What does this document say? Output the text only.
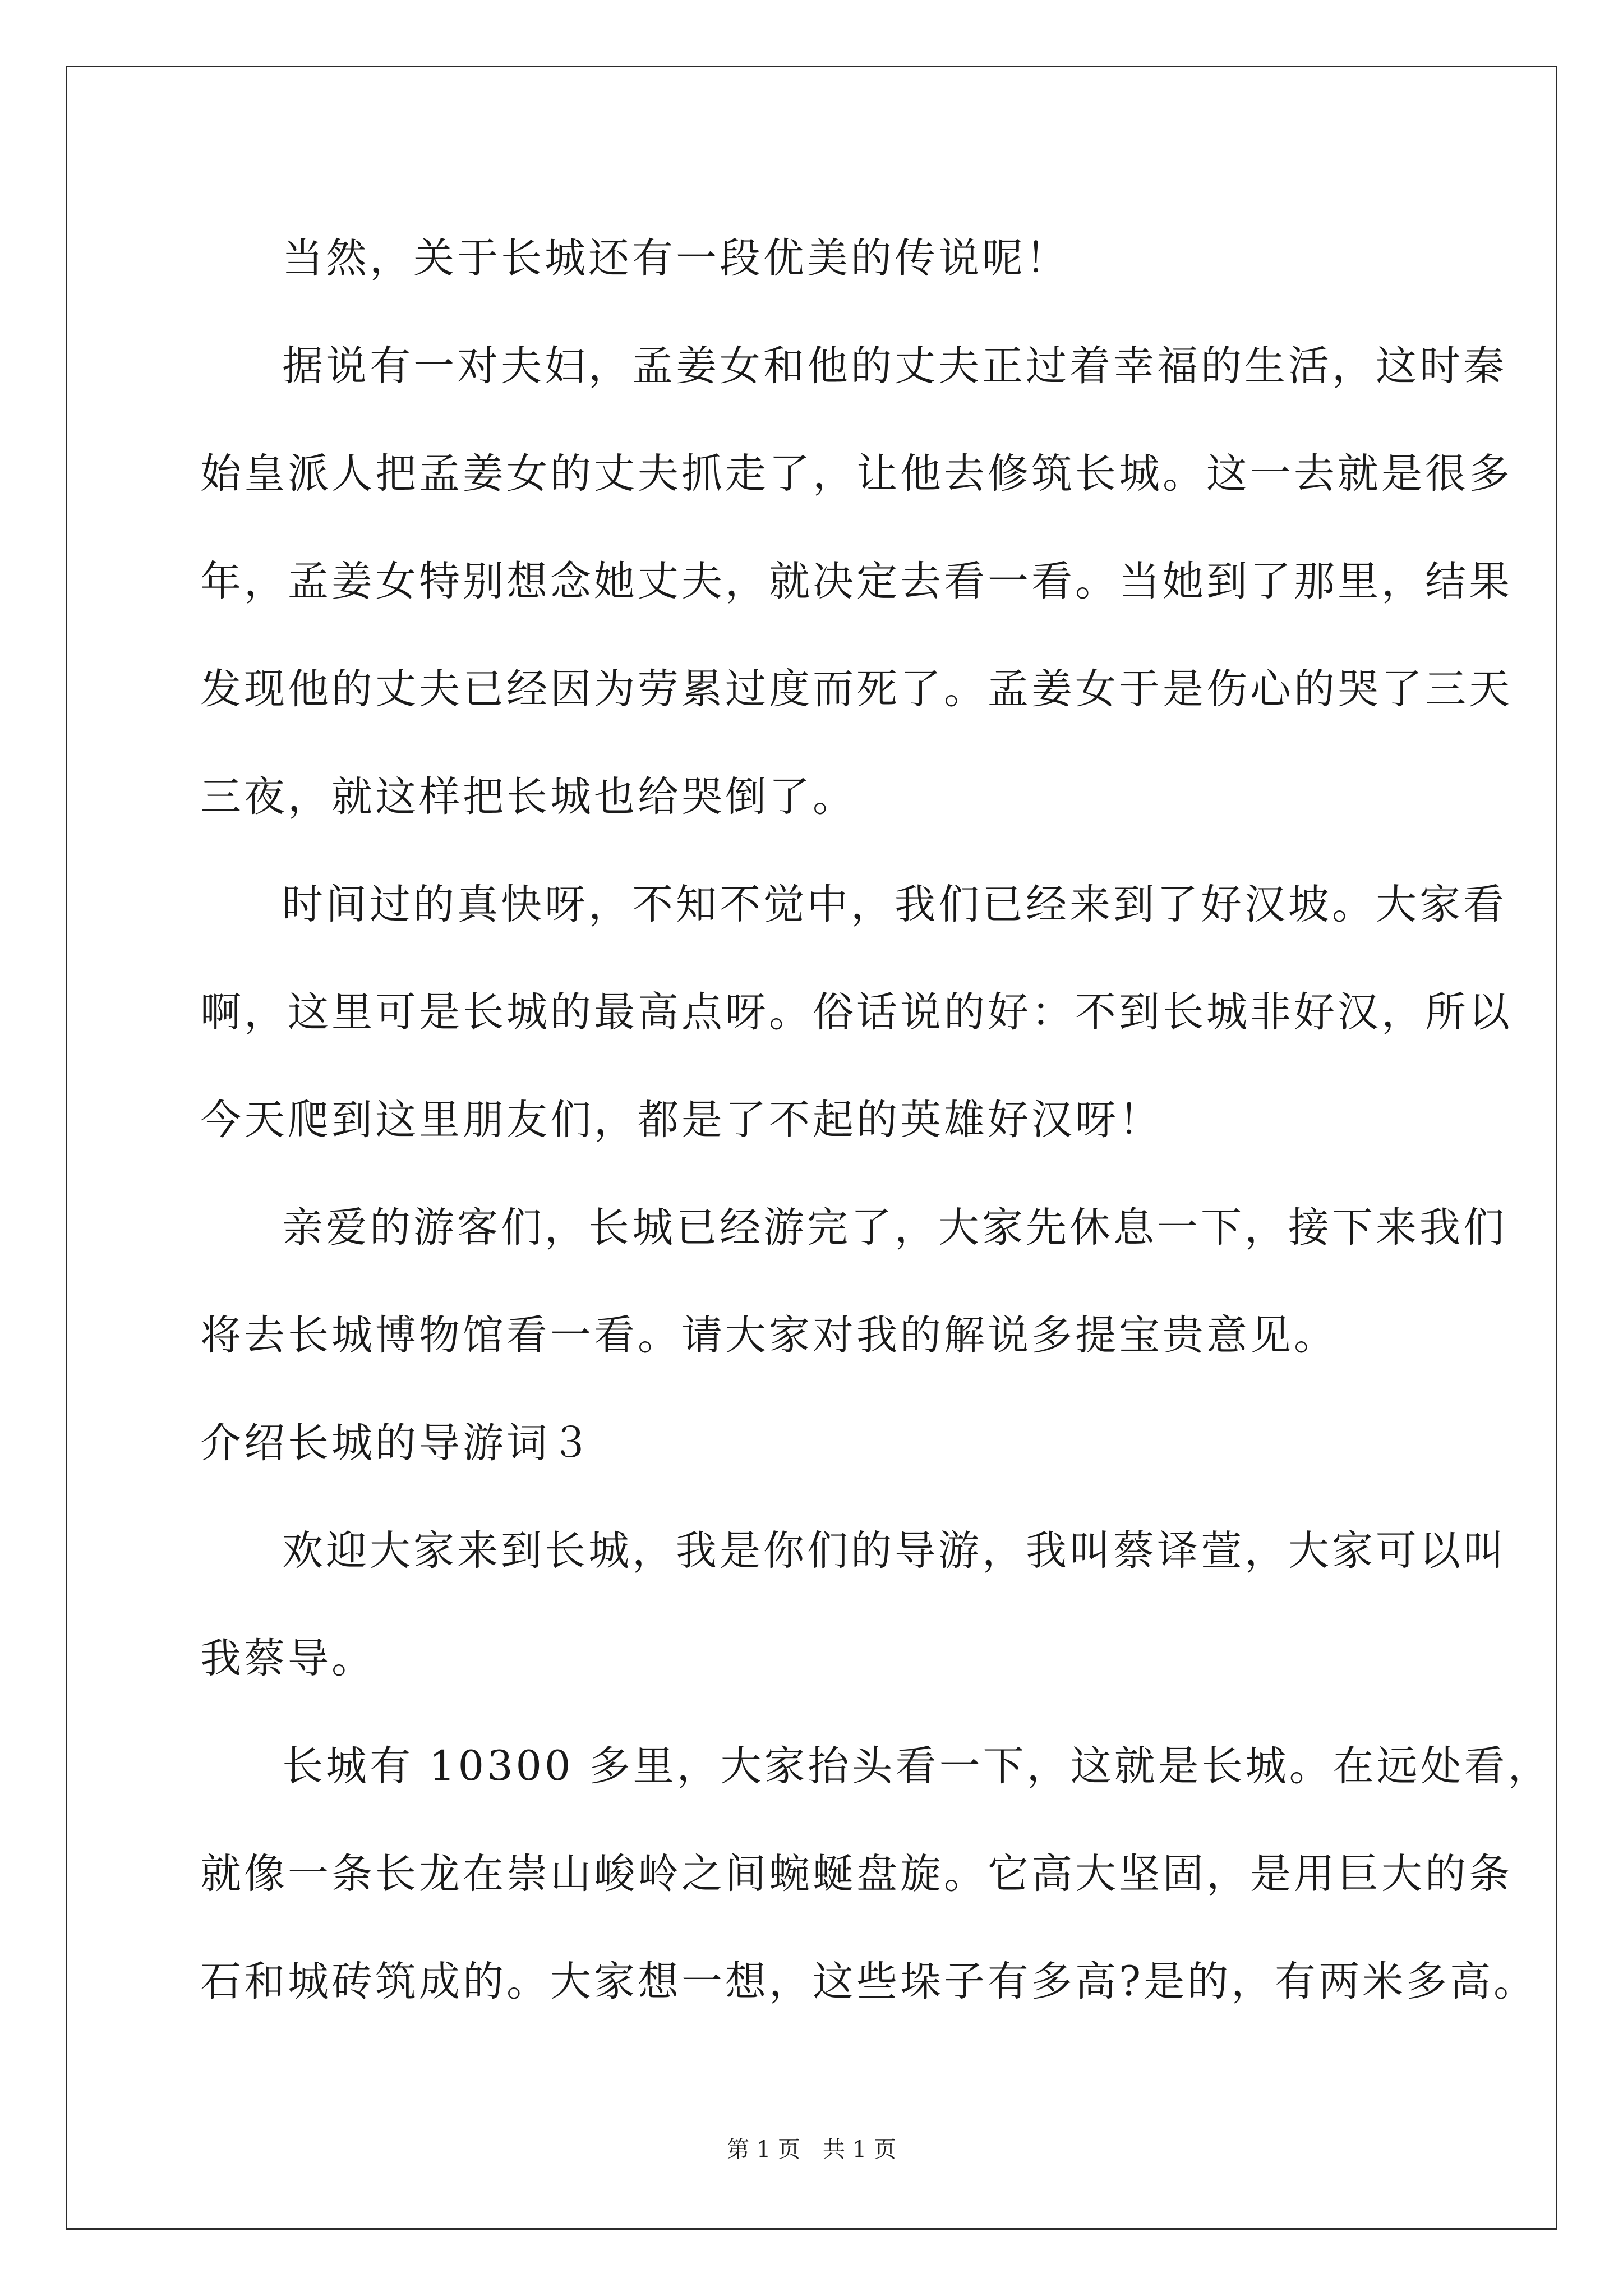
当然，关于长城还有一段优美的传说呢！

据说有一对夫妇，孟姜女和他的丈夫正过着幸福的生活，这时秦

始皇派人把孟姜女的丈夫抓走了，让他去修筑长城。这一去就是很多

年，孟姜女特别想念她丈夫，就决定去看一看。当她到了那里，结果

发现他的丈夫已经因为劳累过度而死了。孟姜女于是伤心的哭了三天

三夜，就这样把长城也给哭倒了。

时间过的真快呀，不知不觉中，我们已经来到了好汉坡。大家看

啊，这里可是长城的最高点呀。俗话说的好：不到长城非好汉，所以

今天爬到这里朋友们，都是了不起的英雄好汉呀！

亲爱的游客们，长城已经游完了，大家先休息一下，接下来我们

将去长城博物馆看一看。请大家对我的解说多提宝贵意见。

介绍长城的导游词３

欢迎大家来到长城，我是你们的导游，我叫蔡译萱，大家可以叫

我蔡导。

长城有 10300 多里，大家抬头看一下，这就是长城。在远处看，

就像一条长龙在崇山峻岭之间蜿蜒盘旋。它高大坚固，是用巨大的条

石和城砖筑成的。大家想一想，这些垛子有多高?是的，有两米多高。

第 1 页 共 1 页
